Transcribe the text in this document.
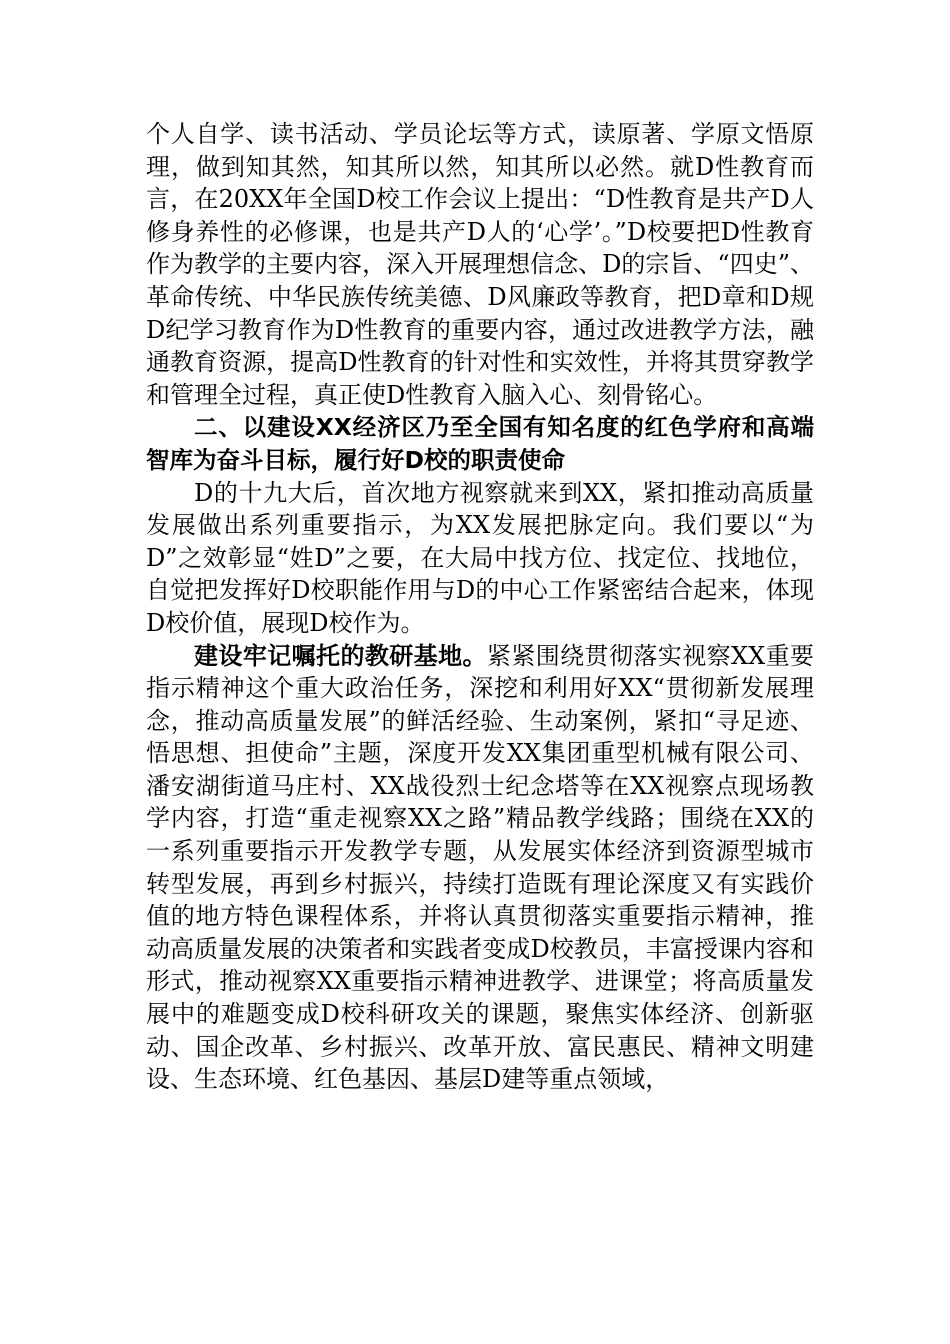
个人自学、读书活动、学员论坛等方式，读原著、学原文悟原理，做到知其然，知其所以然，知其所以必然。就D性教育而言，在20XX年全国D校工作会议上提出：“D性教育是共产D人修身养性的必修课，也是共产D人的‘心学’。”D校要把D性教育作为教学的主要内容，深入开展理想信念、D的宗旨、“四史”、革命传统、中华民族传统美德、D风廉政等教育，把D章和D规D纪学习教育作为D性教育的重要内容，通过改进教学方法，融通教育资源，提高D性教育的针对性和实效性，并将其贯穿教学和管理全过程，真正使D性教育入脑入心、刻骨铭心。

二、以建设XX经济区乃至全国有知名度的红色学府和高端智库为奋斗目标，履行好D校的职责使命

D的十九大后，首次地方视察就来到XX，紧扣推动高质量发展做出系列重要指示，为XX发展把脉定向。我们要以“为D”之效彰显“姓D”之要，在大局中找方位、找定位、找地位，自觉把发挥好D校职能作用与D的中心工作紧密结合起来，体现D校价值，展现D校作为。

建设牢记嘱托的教研基地。紧紧围绕贯彻落实视察XX重要指示精神这个重大政治任务，深挖和利用好XX“贯彻新发展理念，推动高质量发展”的鲜活经验、生动案例，紧扣“寻足迹、悟思想、担使命”主题，深度开发XX集团重型机械有限公司、潘安湖街道马庄村、XX战役烈士纪念塔等在XX视察点现场教学内容，打造“重走视察XX之路”精品教学线路；围绕在XX的一系列重要指示开发教学专题，从发展实体经济到资源型城市转型发展，再到乡村振兴，持续打造既有理论深度又有实践价值的地方特色课程体系，并将认真贯彻落实重要指示精神，推动高质量发展的决策者和实践者变成D校教员，丰富授课内容和形式，推动视察XX重要指示精神进教学、进课堂；将高质量发展中的难题变成D校科研攻关的课题，聚焦实体经济、创新驱动、国企改革、乡村振兴、改革开放、富民惠民、精神文明建设、生态环境、红色基因、基层D建等重点领域，
